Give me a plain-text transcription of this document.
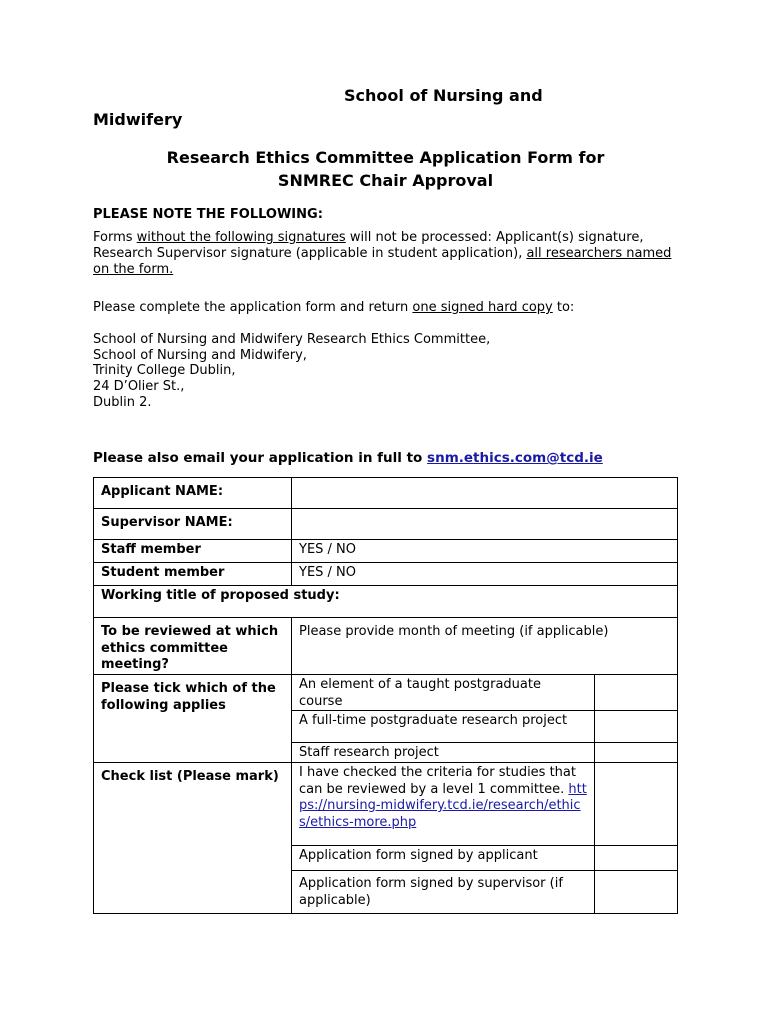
School of Nursing and
Midwifery
Research Ethics Committee Application Form for
SNMREC Chair Approval
PLEASE NOTE THE FOLLOWING:
Forms without the following signatures will not be processed: Applicant(s) signature, Research Supervisor signature (applicable in student application), all researchers named on the form.
Please complete the application form and return one signed hard copy to:
School of Nursing and Midwifery Research Ethics Committee,
School of Nursing and Midwifery,
Trinity College Dublin,
24 D’Olier St.,
Dublin 2.
Please also email your application in full to snm.ethics.com@tcd.ie
Applicant NAME:		
Supervisor NAME:		
Staff member	YES / NO	
Student member	YES / NO	
Working title of proposed study:		
To be reviewed at which ethics committee meeting?	Please provide month of meeting (if applicable)	
Please tick which of the following applies	An element of a taught postgraduate course	
	A full-time postgraduate research project	
	Staff research project	
Check list (Please mark)	I have checked the criteria for studies that can be reviewed by a level 1 committee. https://nursing-midwifery.tcd.ie/research/ethics/ethics-more.php	
	Application form signed by applicant	
	Application form signed by supervisor (if applicable)	
